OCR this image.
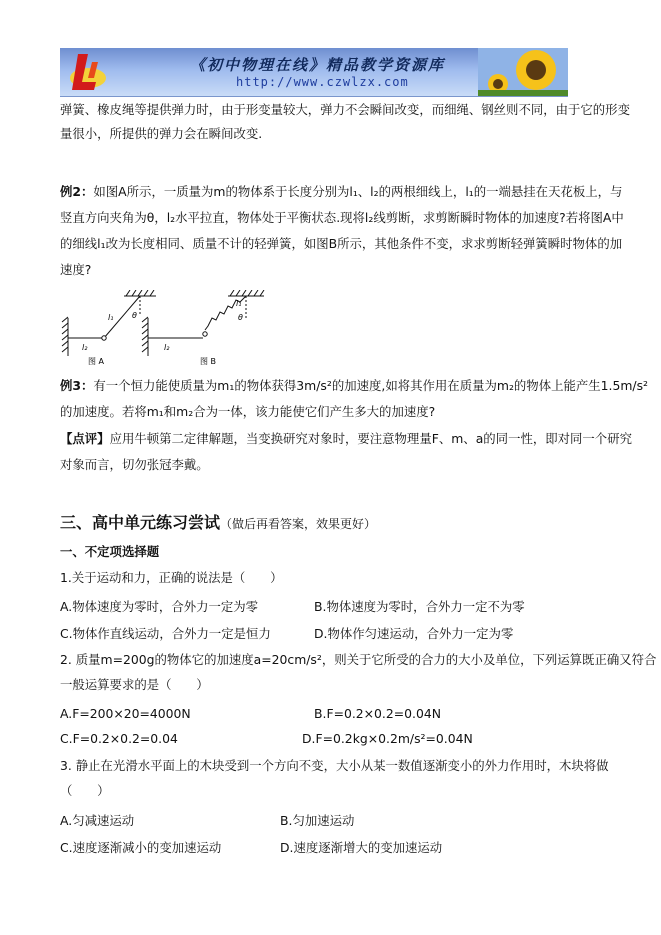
《初中物理在线》精品教学资源库
http://www.czwlzx.com
弹簧、橡皮绳等提供弹力时，由于形变量较大，弹力不会瞬间改变，而细绳、钢丝则不同，由于它的形变
量很小，所提供的弹力会在瞬间改变.
例2：如图A所示，一质量为m的物体系于长度分别为l₁、l₂的两根细线上，l₁的一端悬挂在天花板上，与
竖直方向夹角为θ，l₂水平拉直，物体处于平衡状态.现将l₂线剪断，求剪断瞬时物体的加速度?若将图A中
的细线l₁改为长度相同、质量不计的轻弹簧，如图B所示，其他条件不变，求求剪断轻弹簧瞬时物体的加
速度?
l₁ θ
l₂
图 A
l₁
θ
l₂
图 B
例3：有一个恒力能使质量为m₁的物体获得3m/s²的加速度,如将其作用在质量为m₂的物体上能产生1.5m/s²
的加速度。若将m₁和m₂合为一体，该力能使它们产生多大的加速度?
【点评】应用牛顿第二定律解题，当变换研究对象时，要注意物理量F、m、a的同一性，即对同一个研究
对象而言，切勿张冠李戴。
三、高中单元练习尝试（做后再看答案，效果更好）
一、不定项选择题
1.关于运动和力，正确的说法是（　　）
A.物体速度为零时，合外力一定为零	B.物体速度为零时，合外力一定不为零
C.物体作直线运动，合外力一定是恒力	D.物体作匀速运动，合外力一定为零
2. 质量m=200g的物体它的加速度a=20cm/s²，则关于它所受的合力的大小及单位，下列运算既正确又符合
一般运算要求的是（　　）
A.F=200×20=4000N	B.F=0.2×0.2=0.04N
C.F=0.2×0.2=0.04	D.F=0.2kg×0.2m/s²=0.04N
3. 静止在光滑水平面上的木块受到一个方向不变，大小从某一数值逐渐变小的外力作用时，木块将做
（　　）
A.匀减速运动	B.匀加速运动
C.速度逐渐减小的变加速运动	D.速度逐渐增大的变加速运动
